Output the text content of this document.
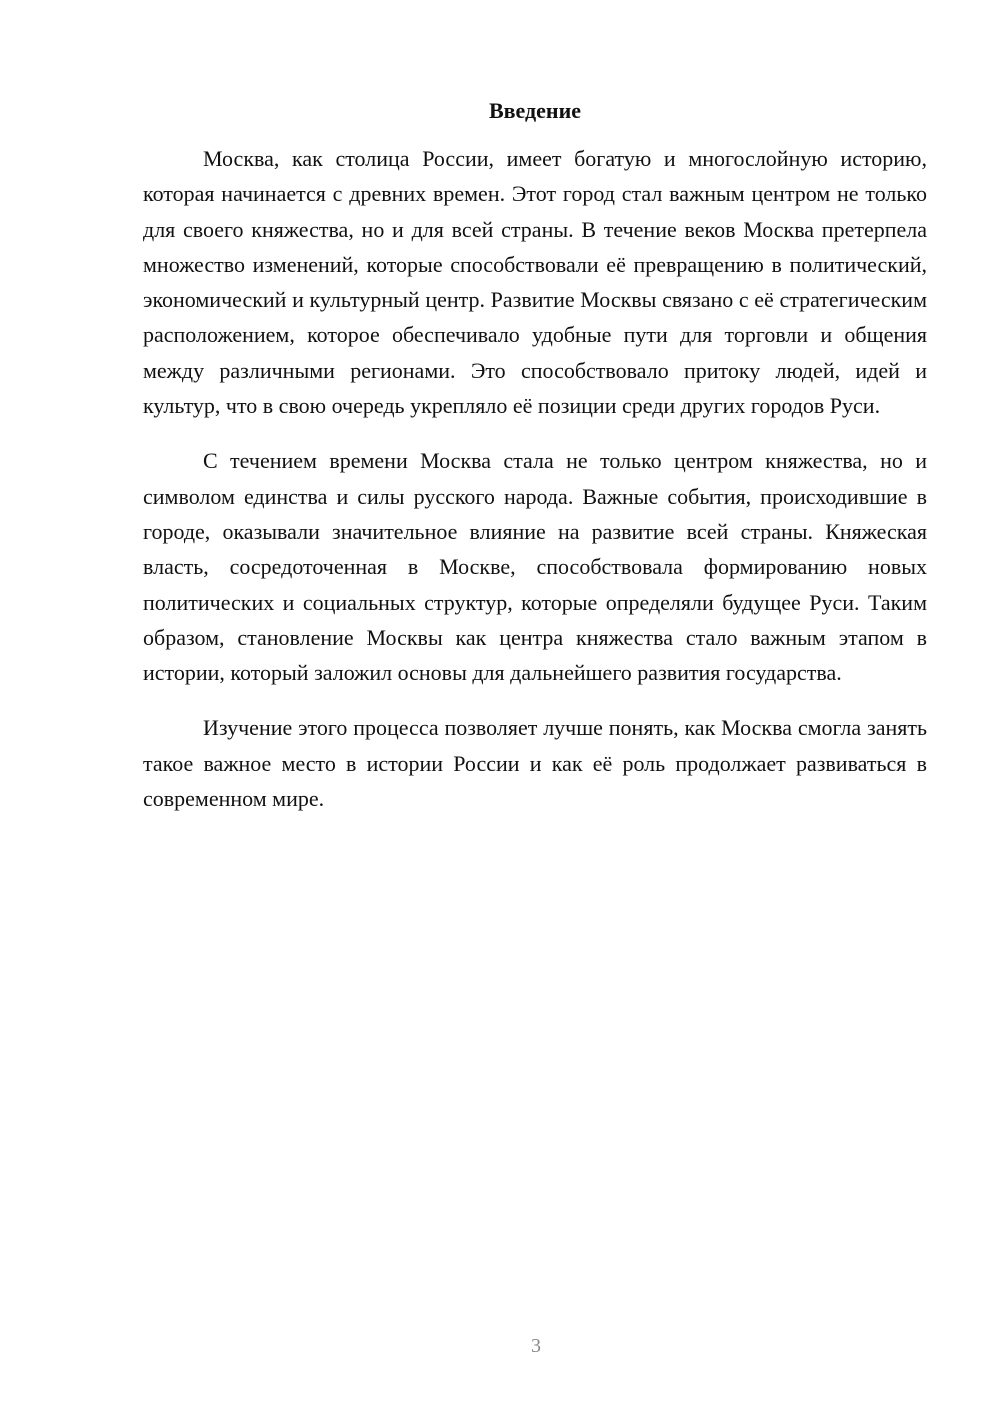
Введение

Москва, как столица России, имеет богатую и многослойную историю, которая начинается с древних времен. Этот город стал важным центром не только для своего княжества, но и для всей страны. В течение веков Москва претерпела множество изменений, которые способствовали её превращению в политический, экономический и культурный центр. Развитие Москвы связано с её стратегическим расположением, которое обеспечивало удобные пути для торговли и общения между различными регионами. Это способствовало притоку людей, идей и культур, что в свою очередь укрепляло её позиции среди других городов Руси.

С течением времени Москва стала не только центром княжества, но и символом единства и силы русского народа. Важные события, происходившие в городе, оказывали значительное влияние на развитие всей страны. Княжеская власть, сосредоточенная в Москве, способствовала формированию новых политических и социальных структур, которые определяли будущее Руси. Таким образом, становление Москвы как центра княжества стало важным этапом в истории, который заложил основы для дальнейшего развития государства.

Изучение этого процесса позволяет лучше понять, как Москва смогла занять такое важное место в истории России и как её роль продолжает развиваться в современном мире.

3
